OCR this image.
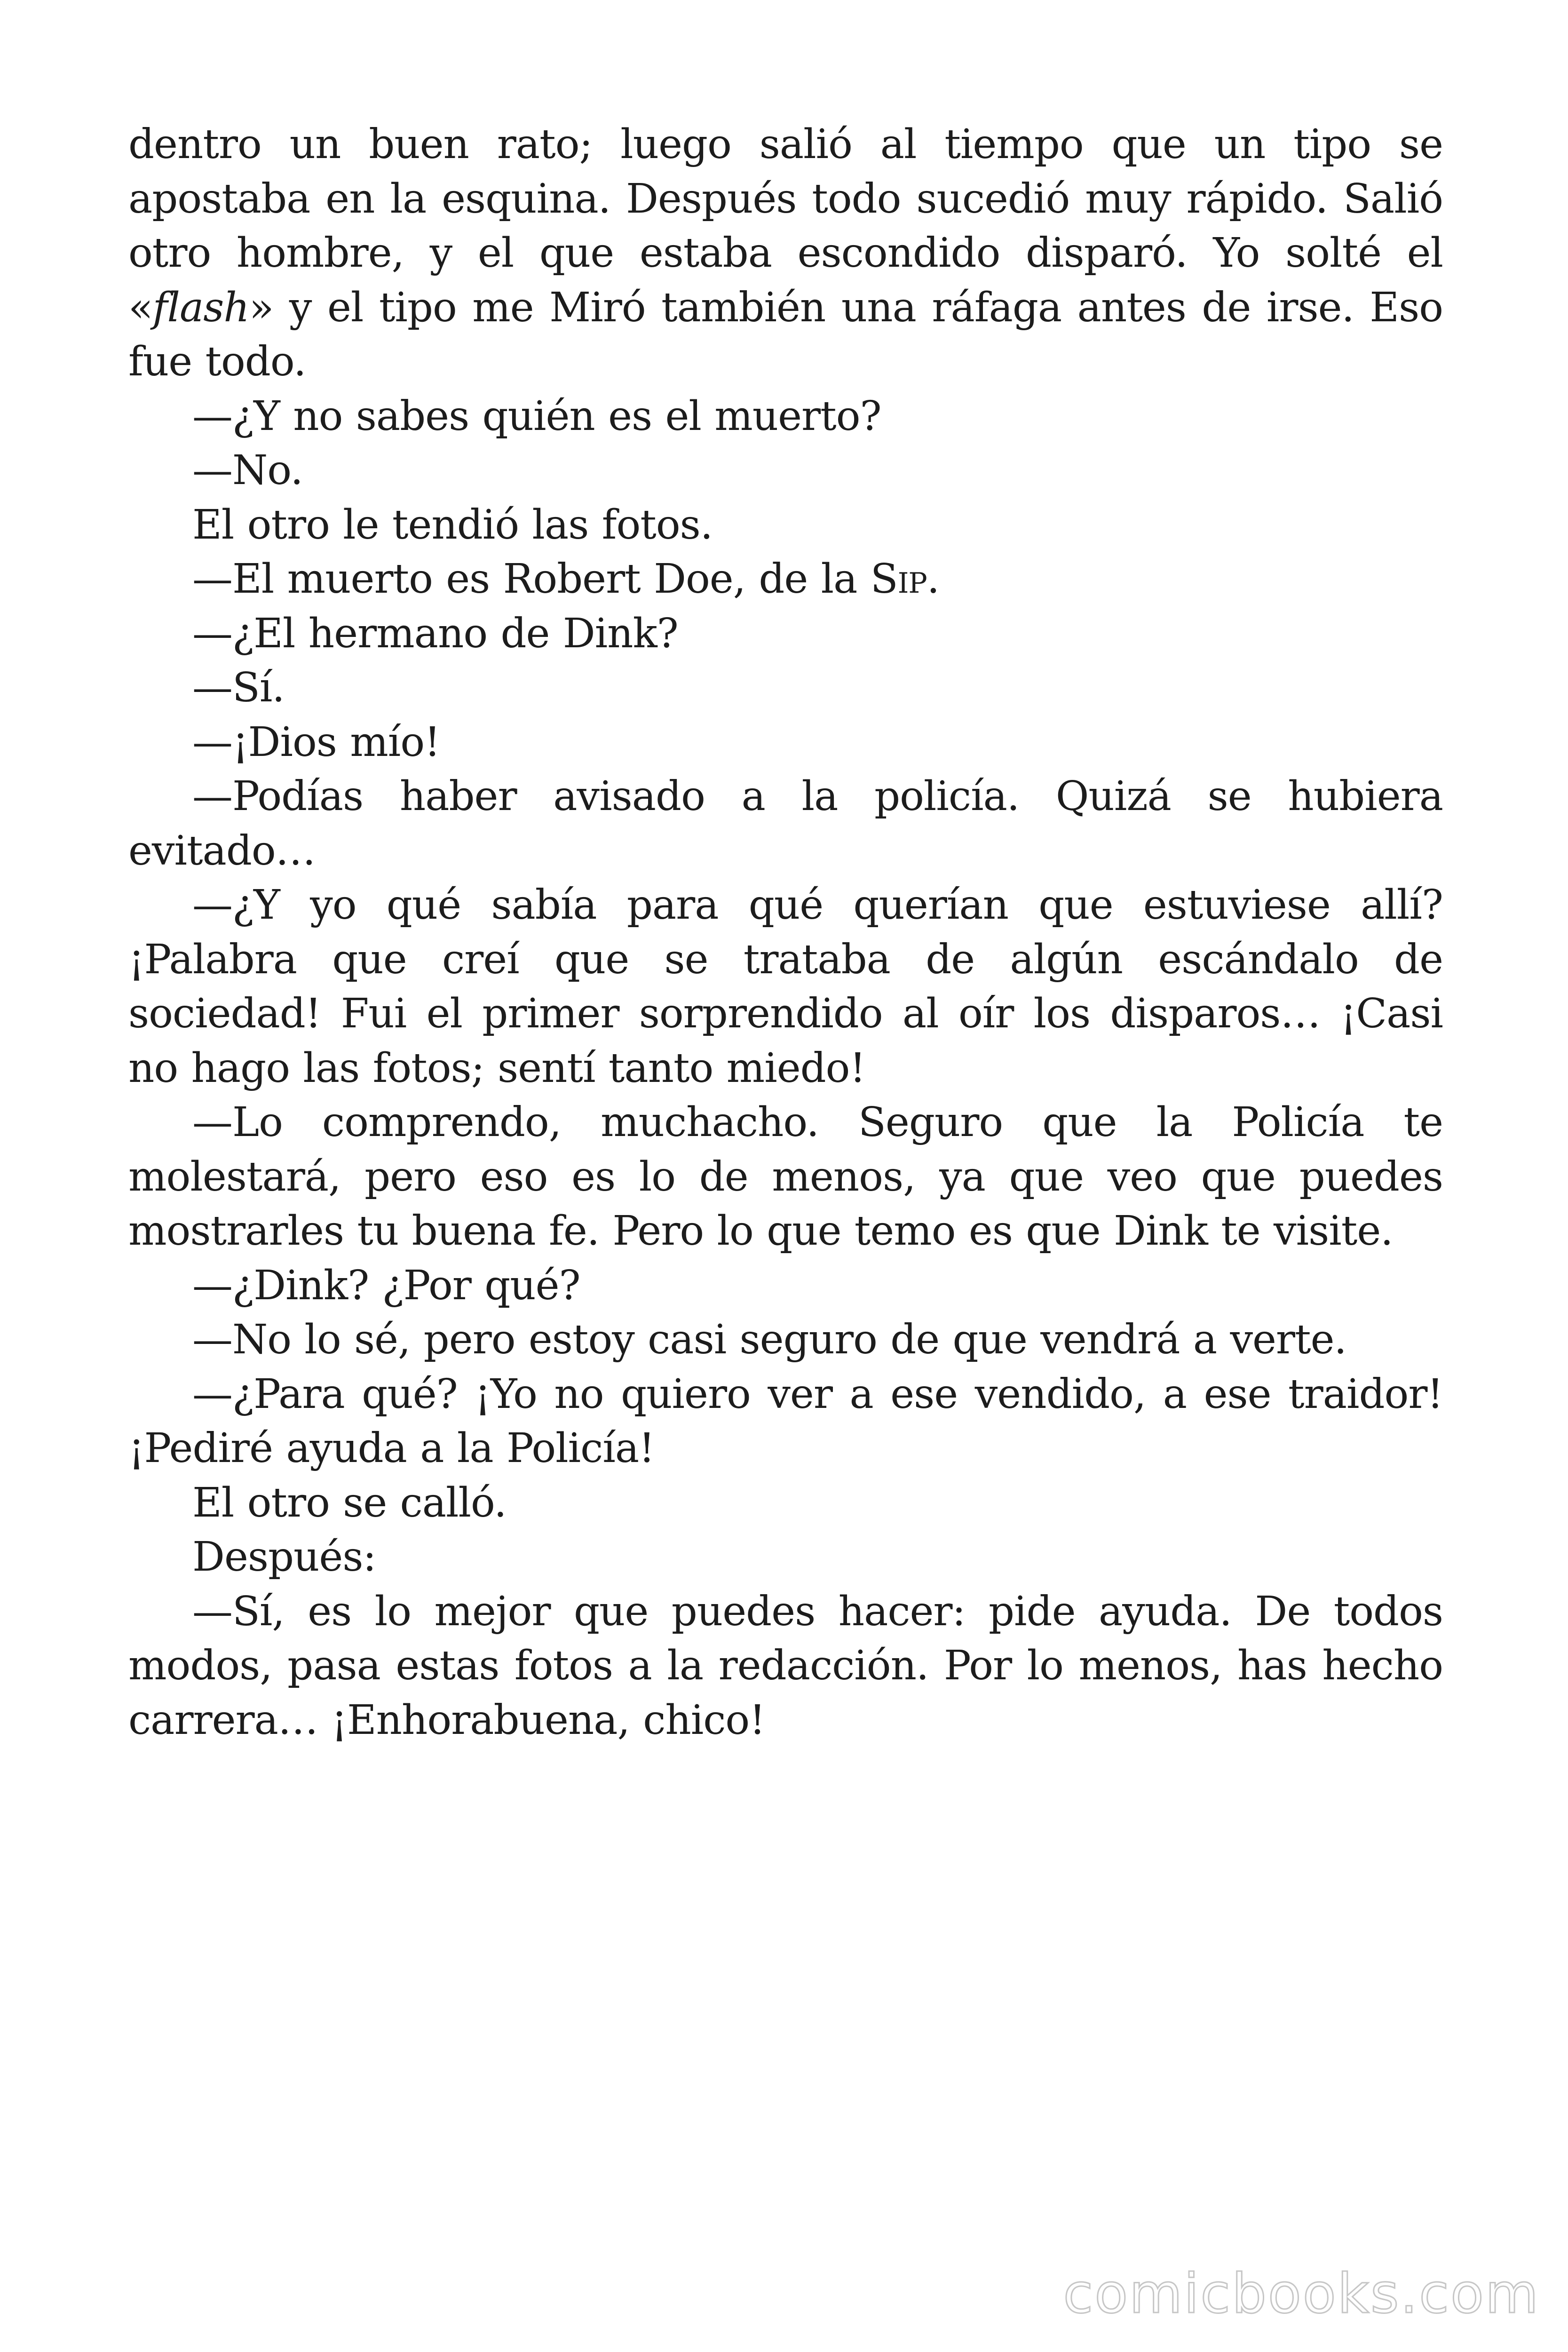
dentro un buen rato; luego salió al tiempo que un tipo se apostaba en la esquina. Después todo sucedió muy rápido. Salió otro hombre, y el que estaba escondido disparó. Yo solté el «flash» y el tipo me Miró también una ráfaga antes de irse. Eso fue todo.

—¿Y no sabes quién es el muerto?

—No.

El otro le tendió las fotos.

—El muerto es Robert Doe, de la Sip.

—¿El hermano de Dink?

—Sí.

—¡Dios mío!

—Podías haber avisado a la policía. Quizá se hubiera evitado…

—¿Y yo qué sabía para qué querían que estuviese allí? ¡Palabra que creí que se trataba de algún escándalo de sociedad! Fui el primer sorprendido al oír los disparos… ¡Casi no hago las fotos; sentí tanto miedo!

—Lo comprendo, muchacho. Seguro que la Policía te molestará, pero eso es lo de menos, ya que veo que puedes mostrarles tu buena fe. Pero lo que temo es que Dink te visite.

—¿Dink? ¿Por qué?

—No lo sé, pero estoy casi seguro de que vendrá a verte.

—¿Para qué? ¡Yo no quiero ver a ese vendido, a ese traidor! ¡Pediré ayuda a la Policía!

El otro se calló.

Después:

—Sí, es lo mejor que puedes hacer: pide ayuda. De todos modos, pasa estas fotos a la redacción. Por lo menos, has hecho carrera… ¡Enhorabuena, chico!

comicbooks.com
